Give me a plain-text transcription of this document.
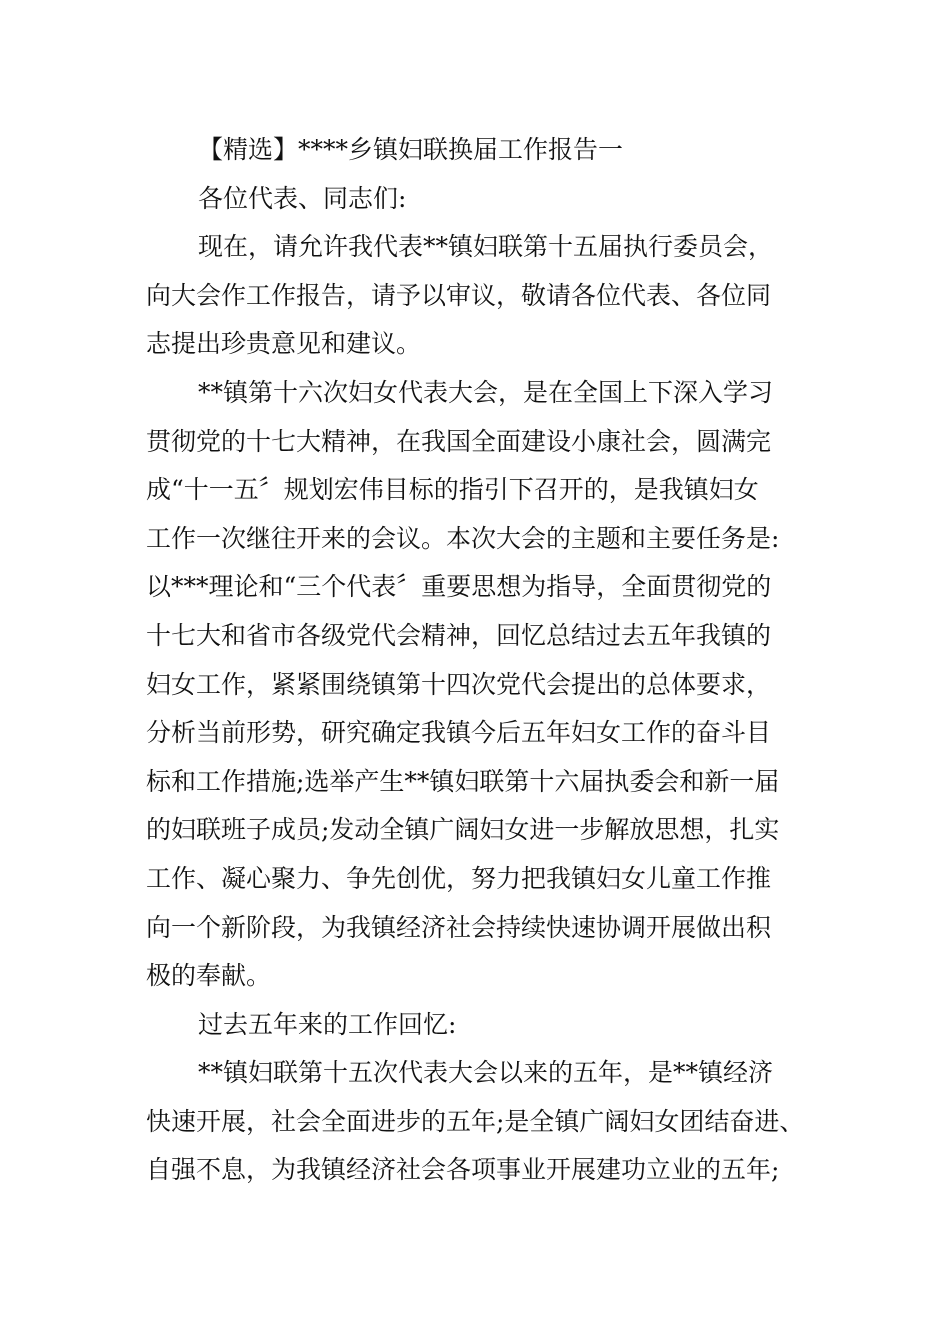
【精选】****乡镇妇联换届工作报告一
各位代表、同志们:
现在，请允许我代表**镇妇联第十五届执行委员会，
向大会作工作报告，请予以审议，敬请各位代表、各位同
志提出珍贵意见和建议。
**镇第十六次妇女代表大会，是在全国上下深入学习
贯彻党的十七大精神，在我国全面建设小康社会，圆满完
成“十一五〞规划宏伟目标的指引下召开的，是我镇妇女
工作一次继往开来的会议。本次大会的主题和主要任务是:
以***理论和“三个代表〞重要思想为指导，全面贯彻党的
十七大和省市各级党代会精神，回忆总结过去五年我镇的
妇女工作，紧紧围绕镇第十四次党代会提出的总体要求，
分析当前形势，研究确定我镇今后五年妇女工作的奋斗目
标和工作措施;选举产生**镇妇联第十六届执委会和新一届
的妇联班子成员;发动全镇广阔妇女进一步解放思想，扎实
工作、凝心聚力、争先创优，努力把我镇妇女儿童工作推
向一个新阶段，为我镇经济社会持续快速协调开展做出积
极的奉献。
过去五年来的工作回忆:
**镇妇联第十五次代表大会以来的五年，是**镇经济
快速开展，社会全面进步的五年;是全镇广阔妇女团结奋进、
自强不息，为我镇经济社会各项事业开展建功立业的五年;
